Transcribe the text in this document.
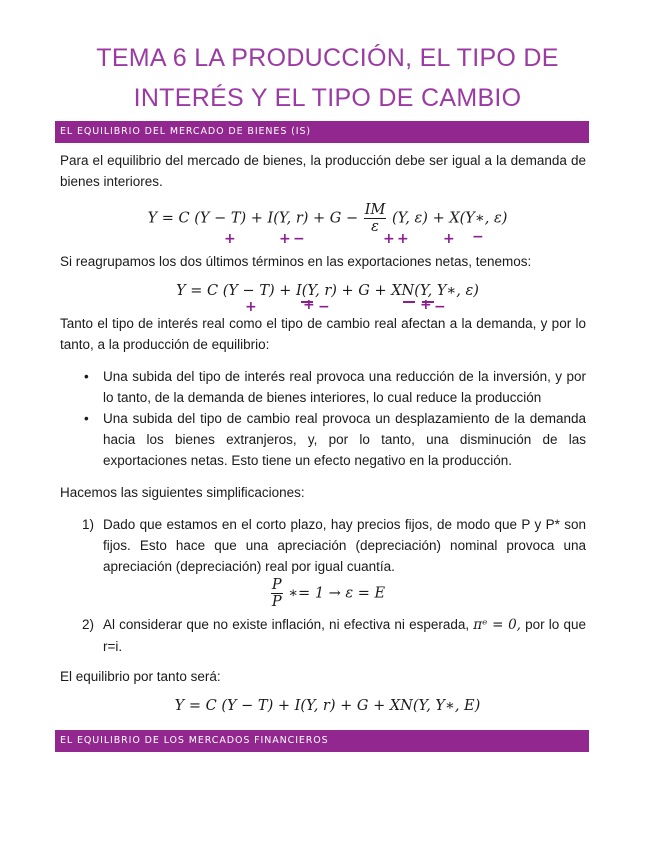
TEMA 6 LA PRODUCCIÓN, EL TIPO DE
INTERÉS Y EL TIPO DE CAMBIO
EL EQUILIBRIO DEL MERCADO DE BIENES (IS)
Para el equilibrio del mercado de bienes, la producción debe ser igual a la demanda de bienes interiores.
Y = C (Y − T) + I(Y, $r) + G - \frac{IM}{\varepsilon} (Y$, ε) + X(Y∗, ε)
+	+ −	+ + + −
Si reagrupamos los dos últimos términos en las exportaciones netas, tenemos:
Y = C (Y − T) + I(Y, r) + G + XN(Y, Y∗, ε)
+	+ −	+ −
Tanto el tipo de interés real como el tipo de cambio real afectan a la demanda, y por lo tanto, a la producción de equilibrio:
• Una subida del tipo de interés real provoca una reducción de la inversión, y por lo tanto, de la demanda de bienes interiores, lo cual reduce la producción
• Una subida del tipo de cambio real provoca un desplazamiento de la demanda hacia los bienes extranjeros, y, por lo tanto, una disminución de las exportaciones netas. Esto tiene un efecto negativo en la producción.
Hacemos las siguientes simplificaciones:
1) Dado que estamos en el corto plazo, hay precios fijos, de modo que P y P* son fijos. Esto hace que una apreciación (depreciación) nominal provoca una apreciación (depreciación) real por igual cuantía.
$\frac{P}{P}$ ∗= 1 → ε = E
2) Al considerar que no existe inflación, ni efectiva ni esperada, πᵉ = 0, por lo que r=i.
El equilibrio por tanto será:
Y = C (Y − T) + I(Y, r) + G + XN(Y, Y∗, E)
EL EQUILIBRIO DE LOS MERCADOS FINANCIEROS
